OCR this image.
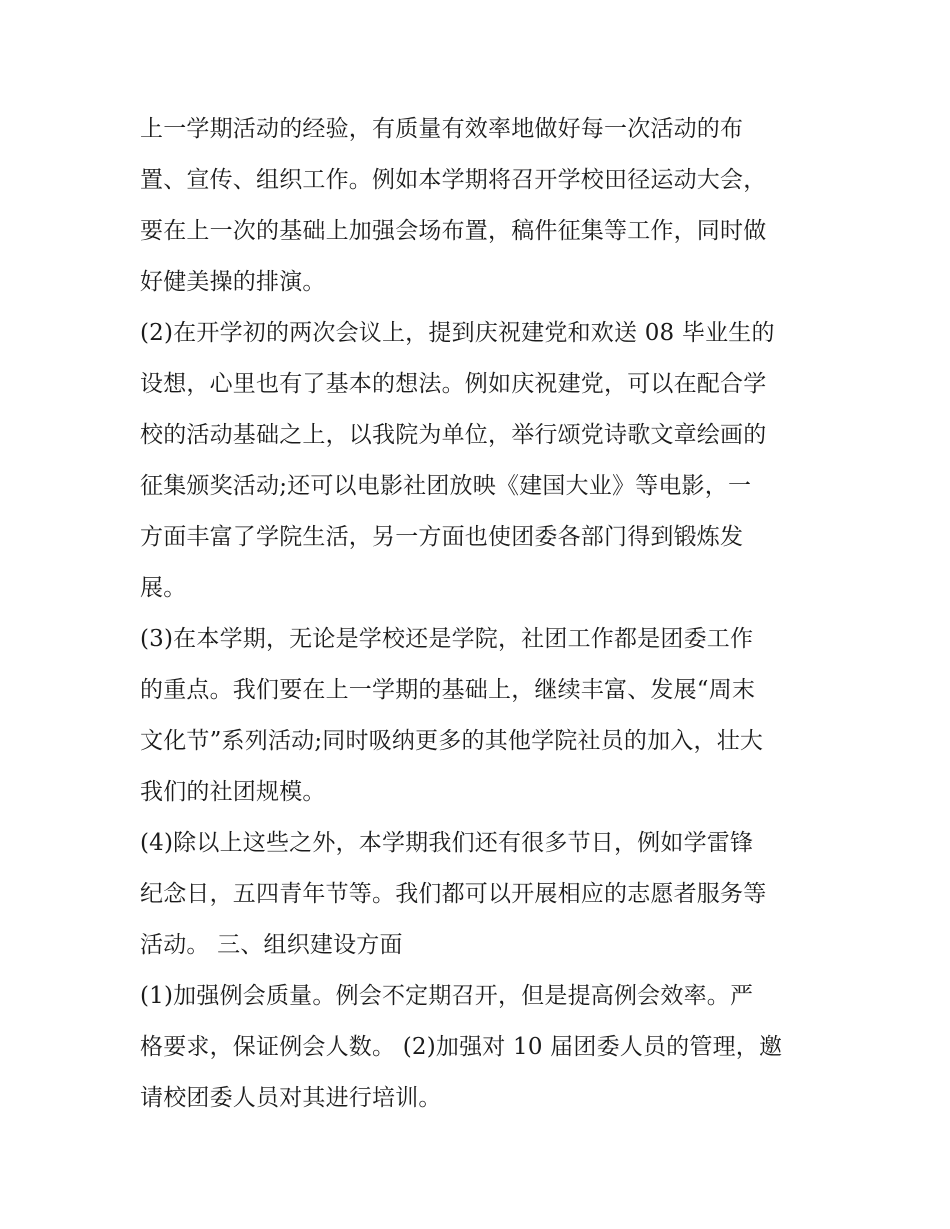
上一学期活动的经验，有质量有效率地做好每一次活动的布
置、宣传、组织工作。例如本学期将召开学校田径运动大会，
要在上一次的基础上加强会场布置，稿件征集等工作，同时做
好健美操的排演。
(2)在开学初的两次会议上，提到庆祝建党和欢送 08 毕业生的
设想，心里也有了基本的想法。例如庆祝建党，可以在配合学
校的活动基础之上，以我院为单位，举行颂党诗歌文章绘画的
征集颁奖活动;还可以电影社团放映《建国大业》等电影，一
方面丰富了学院生活，另一方面也使团委各部门得到锻炼发
展。
(3)在本学期，无论是学校还是学院，社团工作都是团委工作
的重点。我们要在上一学期的基础上，继续丰富、发展“周末
文化节”系列活动;同时吸纳更多的其他学院社员的加入，壮大
我们的社团规模。
(4)除以上这些之外，本学期我们还有很多节日，例如学雷锋
纪念日，五四青年节等。我们都可以开展相应的志愿者服务等
活动。 三、组织建设方面
(1)加强例会质量。例会不定期召开，但是提高例会效率。严
格要求，保证例会人数。 (2)加强对 10 届团委人员的管理，邀
请校团委人员对其进行培训。
